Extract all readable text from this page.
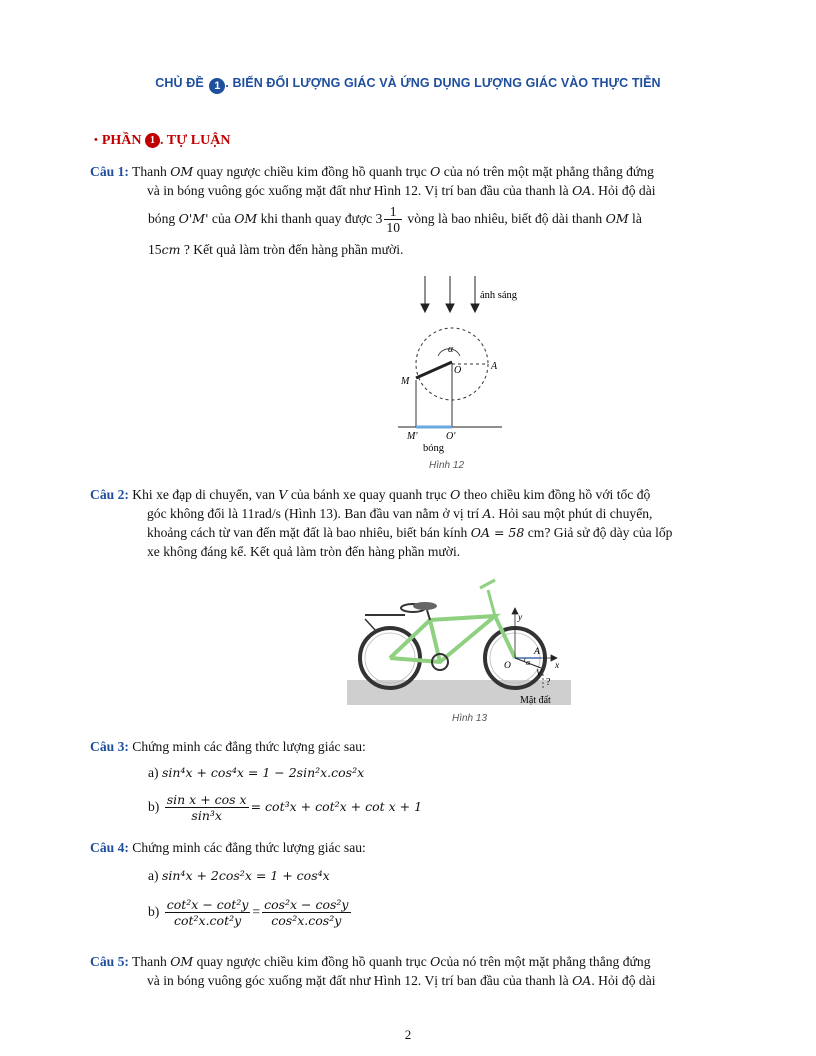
CHỦ ĐỀ 1 . BIẾN ĐỔI LƯỢNG GIÁC VÀ ỨNG DỤNG LƯỢNG GIÁC VÀO THỰC TIỄN
• PHẦN 1 . TỰ LUẬN
Câu 1: Thanh OM quay ngược chiều kim đồng hồ quanh trục O của nó trên một mặt phẳng thẳng đứng
và in bóng vuông góc xuống mặt đất như Hình 12. Vị trí ban đầu của thanh là OA. Hỏi độ dài
bóng O'M' của OM khi thanh quay được $3 \frac{1}{10}$ vòng là bao nhiêu, biết độ dài thanh OM là
15cm ? Kết quả làm tròn đến hàng phần mười.
ánh sáng
α
O	A
M
M'	O'
bóng
Hình 12
Câu 2: Khi xe đạp di chuyển, van V của bánh xe quay quanh trục O theo chiều kim đồng hồ với tốc độ
góc không đổi là 11rad/s (Hình 13). Ban đầu van nằm ở vị trí A. Hỏi sau một phút di chuyển,
khoảng cách từ van đến mặt đất là bao nhiêu, biết bán kính OA = 58 cm? Giả sử độ dày của lốp
xe không đáng kể. Kết quả làm tròn đến hàng phần mười.
y
x
O
A
V
α
?
Mặt đất
Hình 13
Câu 3: Chứng minh các đẳng thức lượng giác sau:
a) sin⁴x + cos⁴x = 1 − 2sin²x.cos²x
$b) \frac{\text{sin x + cos x}}{\text{sin³x}} = \cot^3x + \cot^2x + \cot x + 1$
Câu 4: Chứng minh các đẳng thức lượng giác sau:
a) sin⁴x + 2cos²x = 1 + cos⁴x
$b) \frac{\text{cot²x − cot²y}}{\text{cot²x.cot²y}} = \frac{\text{cos²x − cos²y}}{\text{cos²x.cos²y}}$
Câu 5: Thanh OM quay ngược chiều kim đồng hồ quanh trục Ocủa nó trên một mặt phẳng thẳng đứng
và in bóng vuông góc xuống mặt đất như Hình 12. Vị trí ban đầu của thanh là OA. Hỏi độ dài
2
